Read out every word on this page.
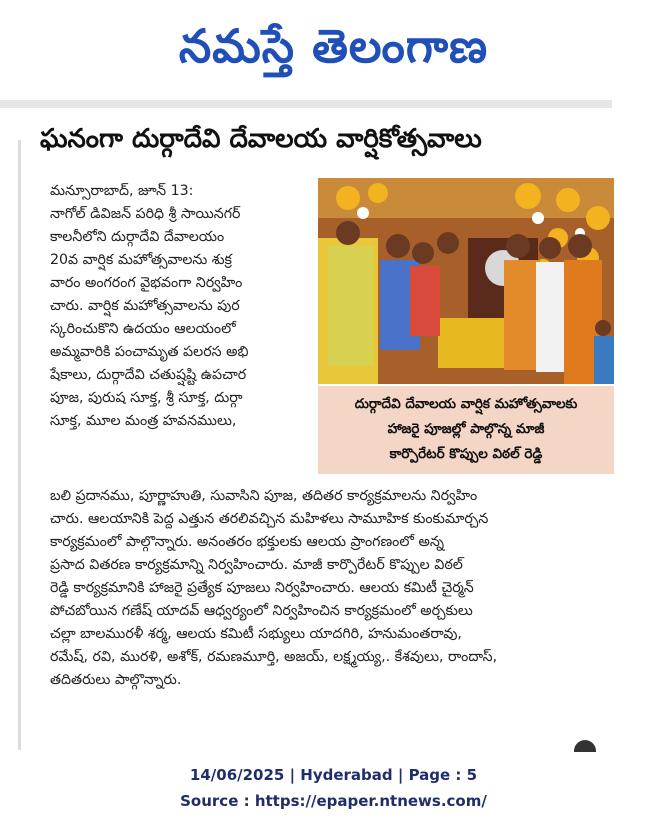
నమస్తే తెలంగాణ
ఘనంగా దుర్గాదేవి దేవాలయ వార్షికోత్సవాలు
మన్సూరాబాద్, జూన్ 13:
నాగోల్ డివిజన్ పరిధి శ్రీ సాయినగర్
కాలనీలోని దుర్గాదేవి దేవాలయం
20వ వార్షిక మహోత్సవాలను శుక్ర
వారం అంగరంగ వైభవంగా నిర్వహిం
చారు. వార్షిక మహోత్సవాలను పుర
స్కరించుకొని ఉదయం ఆలయంలో
అమ్మవారికి పంచామృత పలరస అభి
షేకాలు, దుర్గాదేవి చతుష్షష్టి ఉపచార
పూజ, పురుష సూక్త, శ్రీ సూక్త, దుర్గా
సూక్త, మూల మంత్ర హవనములు,
దుర్గాదేవి దేవాలయ వార్షిక మహోత్సవాలకు
హాజరై పూజల్లో పాల్గొన్న మాజీ
కార్పొరేటర్ కొప్పుల విఠల్ రెడ్డి
బలి ప్రదానము, పూర్ణాహుతి, సువాసిని పూజ, తదితర కార్యక్రమాలను నిర్వహిం
చారు. ఆలయానికి పెద్ద ఎత్తున తరలివచ్చిన మహిళలు సామూహిక కుంకుమార్చన
కార్యక్రమంలో పాల్గొన్నారు. అనంతరం భక్తులకు ఆలయ ప్రాంగణంలో అన్న
ప్రసాద వితరణ కార్యక్రమాన్ని నిర్వహించారు. మాజీ కార్పొరేటర్ కొప్పుల విఠల్
రెడ్డి కార్యక్రమానికి హాజరై ప్రత్యేక పూజలు నిర్వహించారు. ఆలయ కమిటీ చైర్మన్
పోచబోయిన గణేష్ యాదవ్ ఆధ్వర్యంలో నిర్వహించిన కార్యక్రమంలో అర్చకులు
చల్లా బాలమురళీ శర్మ, ఆలయ కమిటీ సభ్యులు యాదగిరి, హనుమంతరావు,
రమేష్, రవి, మురళి, అశోక్, రమణమూర్తి, అజయ్, లక్ష్మయ్య,. కేశవులు, రాందాస్,
తదితరులు పాల్గొన్నారు.
14/06/2025 | Hyderabad | Page : 5
Source : https://epaper.ntnews.com/
